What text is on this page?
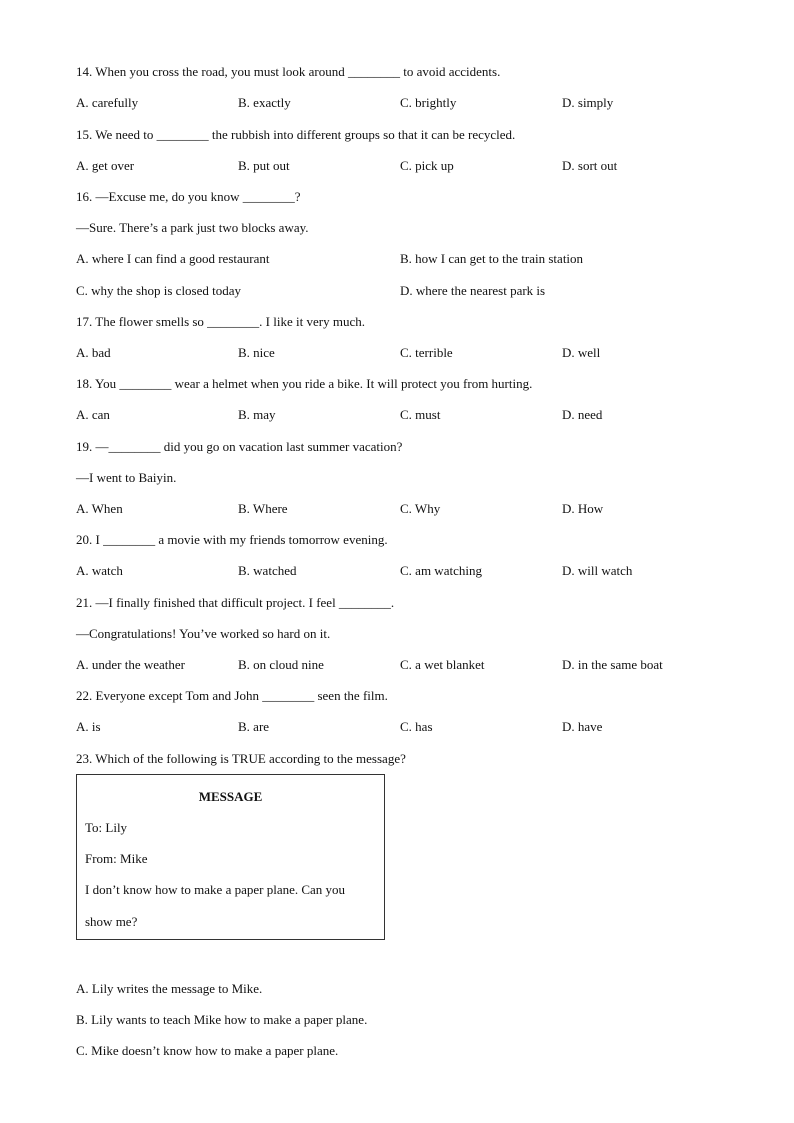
14. When you cross the road, you must look around ________ to avoid accidents.
A. carefully	B. exactly	C. brightly	D. simply
15. We need to ________ the rubbish into different groups so that it can be recycled.
A. get over	B. put out	C. pick up	D. sort out
16. —Excuse me, do you know ________?
—Sure. There’s a park just two blocks away.
A. where I can find a good restaurant	B. how I can get to the train station
C. why the shop is closed today	D. where the nearest park is
17. The flower smells so ________. I like it very much.
A. bad	B. nice	C. terrible	D. well
18. You ________ wear a helmet when you ride a bike. It will protect you from hurting.
A. can	B. may	C. must	D. need
19. —________ did you go on vacation last summer vacation?
—I went to Baiyin.
A. When	B. Where	C. Why	D. How
20. I ________ a movie with my friends tomorrow evening.
A. watch	B. watched	C. am watching	D. will watch
21. —I finally finished that difficult project. I feel ________.
—Congratulations! You’ve worked so hard on it.
A. under the weather	B. on cloud nine	C. a wet blanket	D. in the same boat
22. Everyone except Tom and John ________ seen the film.
A. is	B. are	C. has	D. have
23. Which of the following is TRUE according to the message?
MESSAGE
To: Lily
From: Mike
I don’t know how to make a paper plane. Can you
show me?
A. Lily writes the message to Mike.
B. Lily wants to teach Mike how to make a paper plane.
C. Mike doesn’t know how to make a paper plane.
